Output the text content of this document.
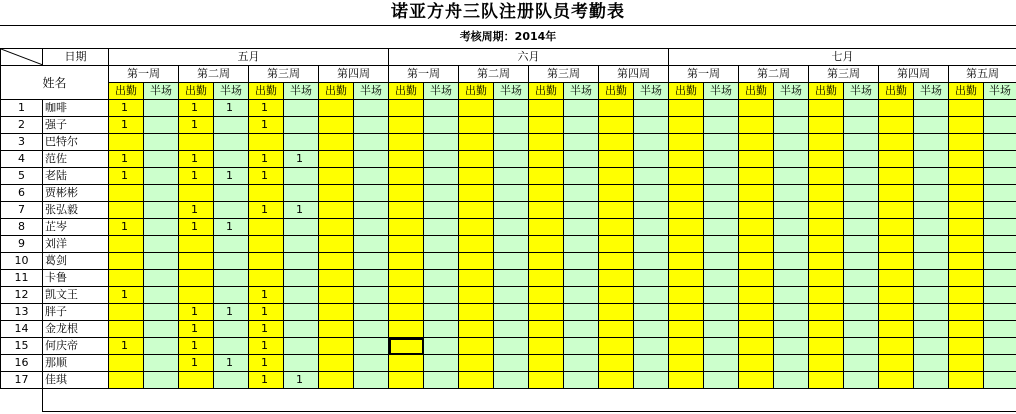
诺亚方舟三队注册队员考勤表
考核周期：2014年
	日期	五月								六月								七月									
姓名		第一周		第二周		第三周		第四周		第一周		第二周		第三周		第四周		第一周		第二周		第三周		第四周		第五周	
		出勤	半场	出勤	半场	出勤	半场	出勤	半场	出勤	半场	出勤	半场	出勤	半场	出勤	半场	出勤	半场	出勤	半场	出勤	半场	出勤	半场	出勤	半场
1	咖啡	1		1	1	1																					
2	强子	1		1		1																					
3	巴特尔																										
4	范佐	1		1		1	1																				
5	老陆	1		1	1	1																					
6	贾彬彬																										
7	张弘毅			1		1	1																				
8	芷岑	1		1	1																						
9	刘洋																										
10	葛剑																										
11	卡鲁																										
12	凯文王	1				1																					
13	胖子			1	1	1																					
14	金龙根			1		1																					
15	何庆帝	1		1		1																					
16	那顺			1	1	1																					
17	佳琪					1	1																				
